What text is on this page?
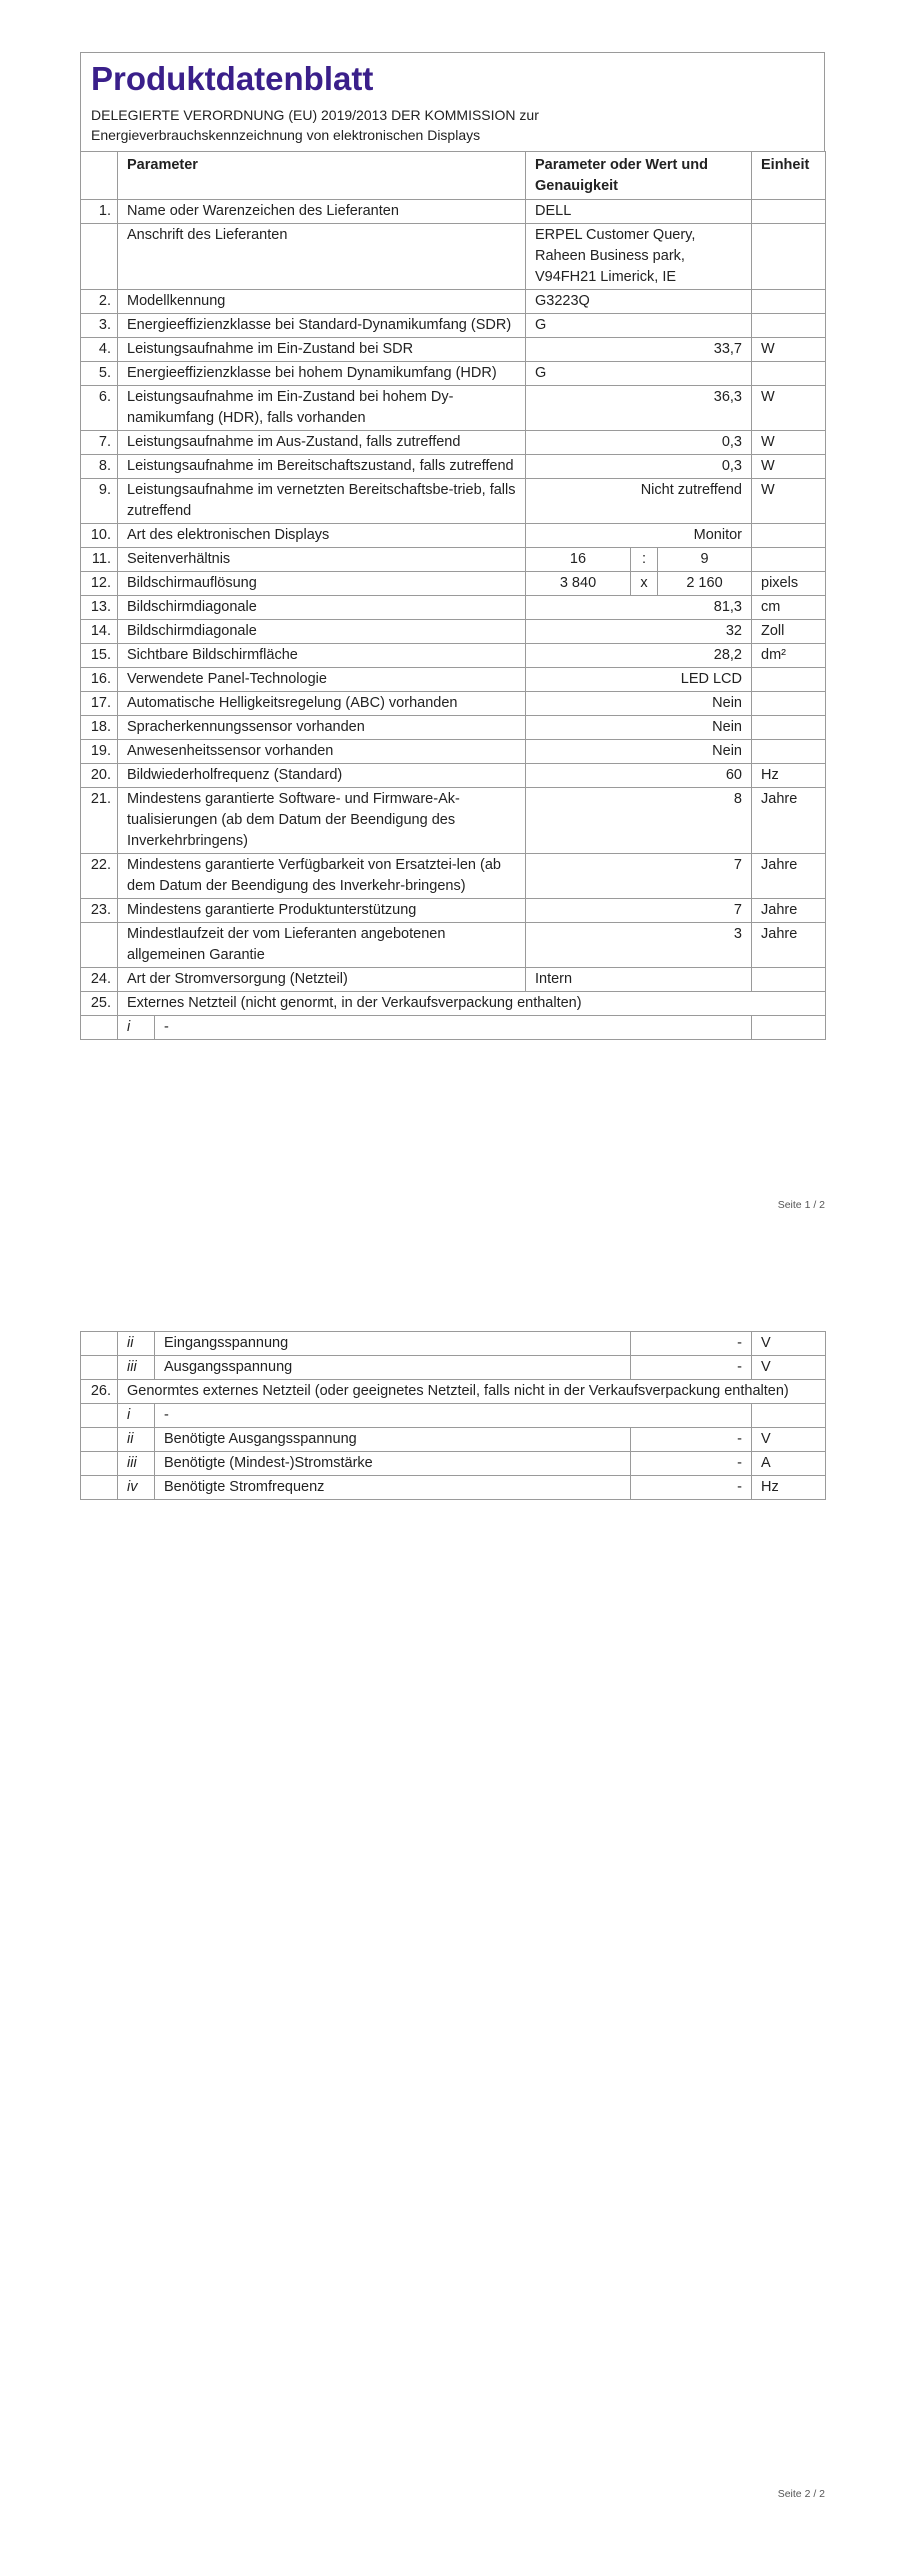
Produktdatenblatt
DELEGIERTE VERORDNUNG (EU) 2019/2013 DER KOMMISSION zur
Energieverbrauchskennzeichnung von elektronischen Displays
	Parameter		Parameter oder Wert und Genauigkeit			Einheit
1.	Name oder Warenzeichen des Lieferanten		DELL			
	Anschrift des Lieferanten		ERPEL Customer Query, Raheen Business park, V94FH21 Limerick, IE			
2.	Modellkennung		G3223Q			
3.	Energieeffizienzklasse bei Standard-Dynamikumfang (SDR)		G			
4.	Leistungsaufnahme im Ein-Zustand bei SDR		33,7			W
5.	Energieeffizienzklasse bei hohem Dynamikumfang (HDR)		G			
6.	Leistungsaufnahme im Ein-Zustand bei hohem Dy-namikumfang (HDR), falls vorhanden		36,3			W
7.	Leistungsaufnahme im Aus-Zustand, falls zutreffend		0,3			W
8.	Leistungsaufnahme im Bereitschaftszustand, falls zutreffend		0,3			W
9.	Leistungsaufnahme im vernetzten Bereitschaftsbe-trieb, falls zutreffend		Nicht zutreffend			W
10.	Art des elektronischen Displays		Monitor			
11.	Seitenverhältnis		16	:	9	
12.	Bildschirmauflösung		3 840	x	2 160	pixels
13.	Bildschirmdiagonale		81,3			cm
14.	Bildschirmdiagonale		32			Zoll
15.	Sichtbare Bildschirmfläche		28,2			dm²
16.	Verwendete Panel-Technologie		LED LCD			
17.	Automatische Helligkeitsregelung (ABC) vorhanden		Nein			
18.	Spracherkennungssensor vorhanden		Nein			
19.	Anwesenheitssensor vorhanden		Nein			
20.	Bildwiederholfrequenz (Standard)		60			Hz
21.	Mindestens garantierte Software- und Firmware-Ak-tualisierungen (ab dem Datum der Beendigung des Inverkehrbringens)		8			Jahre
22.	Mindestens garantierte Verfügbarkeit von Ersatztei-len (ab dem Datum der Beendigung des Inverkehr-bringens)		7			Jahre
23.	Mindestens garantierte Produktunterstützung		7			Jahre
	Mindestlaufzeit der vom Lieferanten angebotenen allgemeinen Garantie		3			Jahre
24.	Art der Stromversorgung (Netzteil)		Intern			
25.	Externes Netzteil (nicht genormt, in der Verkaufsverpackung enthalten)					
	i	-				
Seite 1 / 2
	ii	Eingangsspannung	-	V
	iii	Ausgangsspannung	-	V
26.	Genormtes externes Netzteil (oder geeignetes Netzteil, falls nicht in der Verkaufsverpackung enthalten)			
	i	-		
	ii	Benötigte Ausgangsspannung	-	V
	iii	Benötigte (Mindest-)Stromstärke	-	A
	iv	Benötigte Stromfrequenz	-	Hz
Seite 2 / 2
